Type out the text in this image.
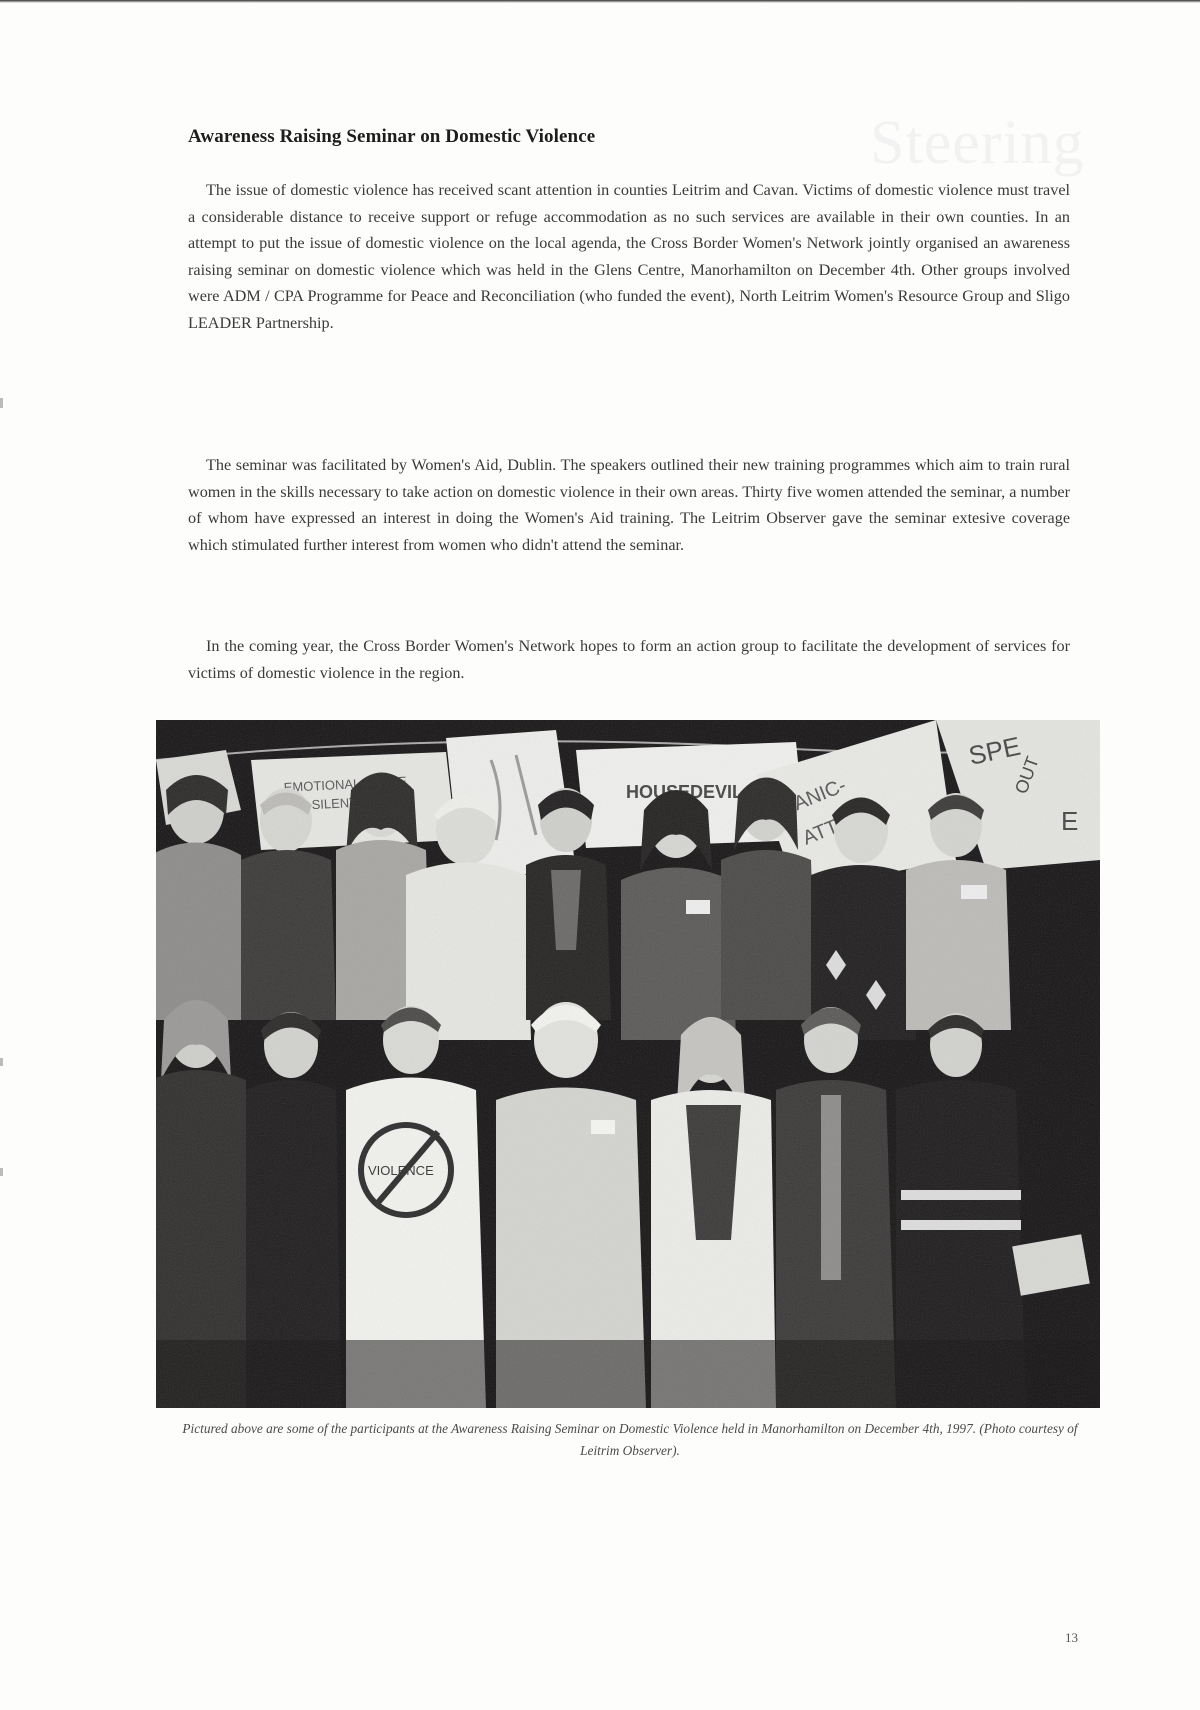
Steering
Awareness Raising Seminar on Domestic Violence

The issue of domestic violence has received scant attention in counties Leitrim and Cavan. Victims of domestic violence must travel a considerable distance to receive support or refuge accommodation as no such services are available in their own counties. In an attempt to put the issue of domestic violence on the local agenda, the Cross Border Women's Network jointly organised an awareness raising seminar on domestic violence which was held in the Glens Centre, Manorhamilton on December 4th. Other groups involved were ADM / CPA Programme for Peace and Reconciliation (who funded the event), North Leitrim Women's Resource Group and Sligo LEADER Partnership.

The seminar was facilitated by Women's Aid, Dublin. The speakers outlined their new training programmes which aim to train rural women in the skills necessary to take action on domestic violence in their own areas. Thirty five women attended the seminar, a number of whom have expressed an interest in doing the Women's Aid training. The Leitrim Observer gave the seminar extesive coverage which stimulated further interest from women who didn't attend the seminar.

In the coming year, the Cross Border Women's Network hopes to form an action group to facilitate the development of services for victims of domestic violence in the region.

Pictured above are some of the participants at the Awareness Raising Seminar on Domestic Violence held in Manorhamilton on December 4th, 1997. (Photo courtesy of Leitrim Observer).
13
